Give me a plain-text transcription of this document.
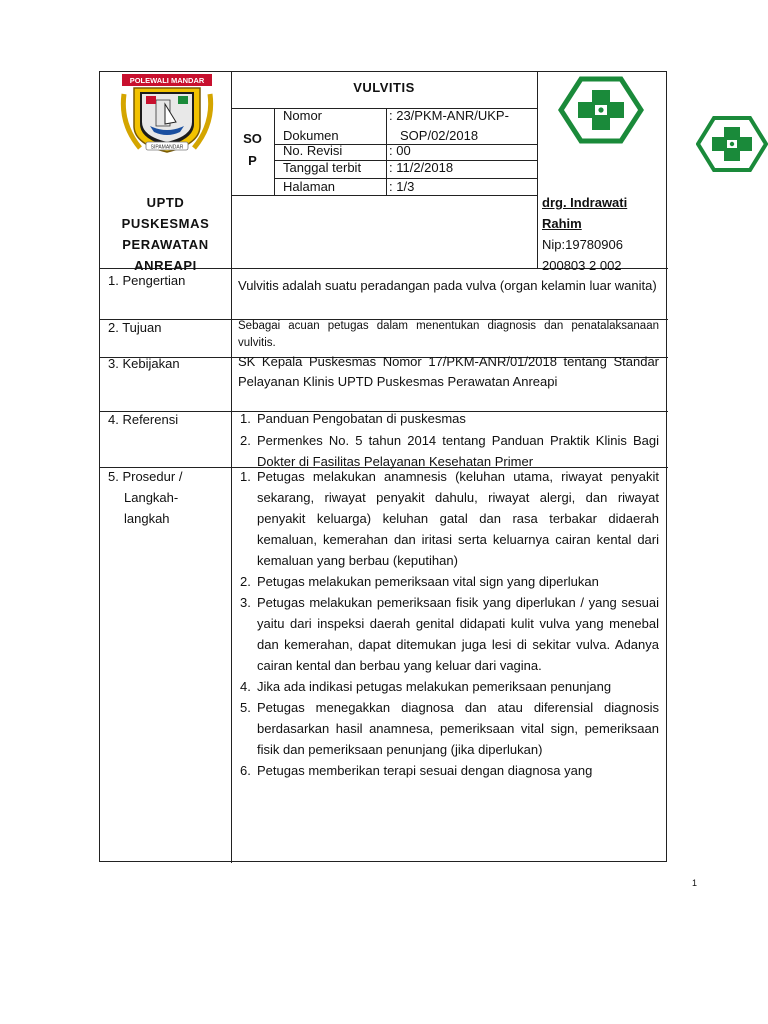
POLEWALI MANDAR
SIPAMANDAR
VULVITIS
SO
P
Nomor	: 23/PKM-ANR/UKP-
Dokumen	SOP/02/2018
No. Revisi	: 00
Tanggal terbit : 11/2/2018
Halaman	: 1/3
UPTD
PUSKESMAS
PERAWATAN
ANREAPI
drg. Indrawati
Rahim
Nip:19780906
200803 2 002
1. Pengertian	Vulvitis adalah suatu peradangan pada vulva (organ kelamin luar wanita)
2. Tujuan	Sebagai acuan petugas dalam menentukan diagnosis dan penatalaksanaan vulvitis.
3. Kebijakan	SK Kepala Puskesmas Nomor 17/PKM-ANR/01/2018 tentang Standar Pelayanan Klinis UPTD Puskesmas Perawatan Anreapi
4. Referensi	1. Panduan Pengobatan di puskesmas
2. Permenkes No. 5 tahun 2014 tentang Panduan Praktik Klinis Bagi Dokter di Fasilitas Pelayanan Kesehatan Primer
5. Prosedur /
Langkah-
langkah
1. Petugas melakukan anamnesis (keluhan utama, riwayat penyakit sekarang, riwayat penyakit dahulu, riwayat alergi, dan riwayat penyakit keluarga) keluhan gatal dan rasa terbakar didaerah kemaluan, kemerahan dan iritasi serta keluarnya cairan kental dari kemaluan yang berbau (keputihan)
2. Petugas melakukan pemeriksaan vital sign yang diperlukan
3. Petugas melakukan pemeriksaan fisik yang diperlukan / yang sesuai yaitu dari inspeksi daerah genital didapati kulit vulva yang menebal dan kemerahan, dapat ditemukan juga lesi di sekitar vulva. Adanya cairan kental dan berbau yang keluar dari vagina.
4. Jika ada indikasi petugas melakukan pemeriksaan penunjang
5. Petugas menegakkan diagnosa dan atau diferensial diagnosis berdasarkan hasil anamnesa, pemeriksaan vital sign, pemeriksaan fisik dan pemeriksaan penunjang (jika diperlukan)
6. Petugas memberikan terapi sesuai dengan diagnosa yang
1
